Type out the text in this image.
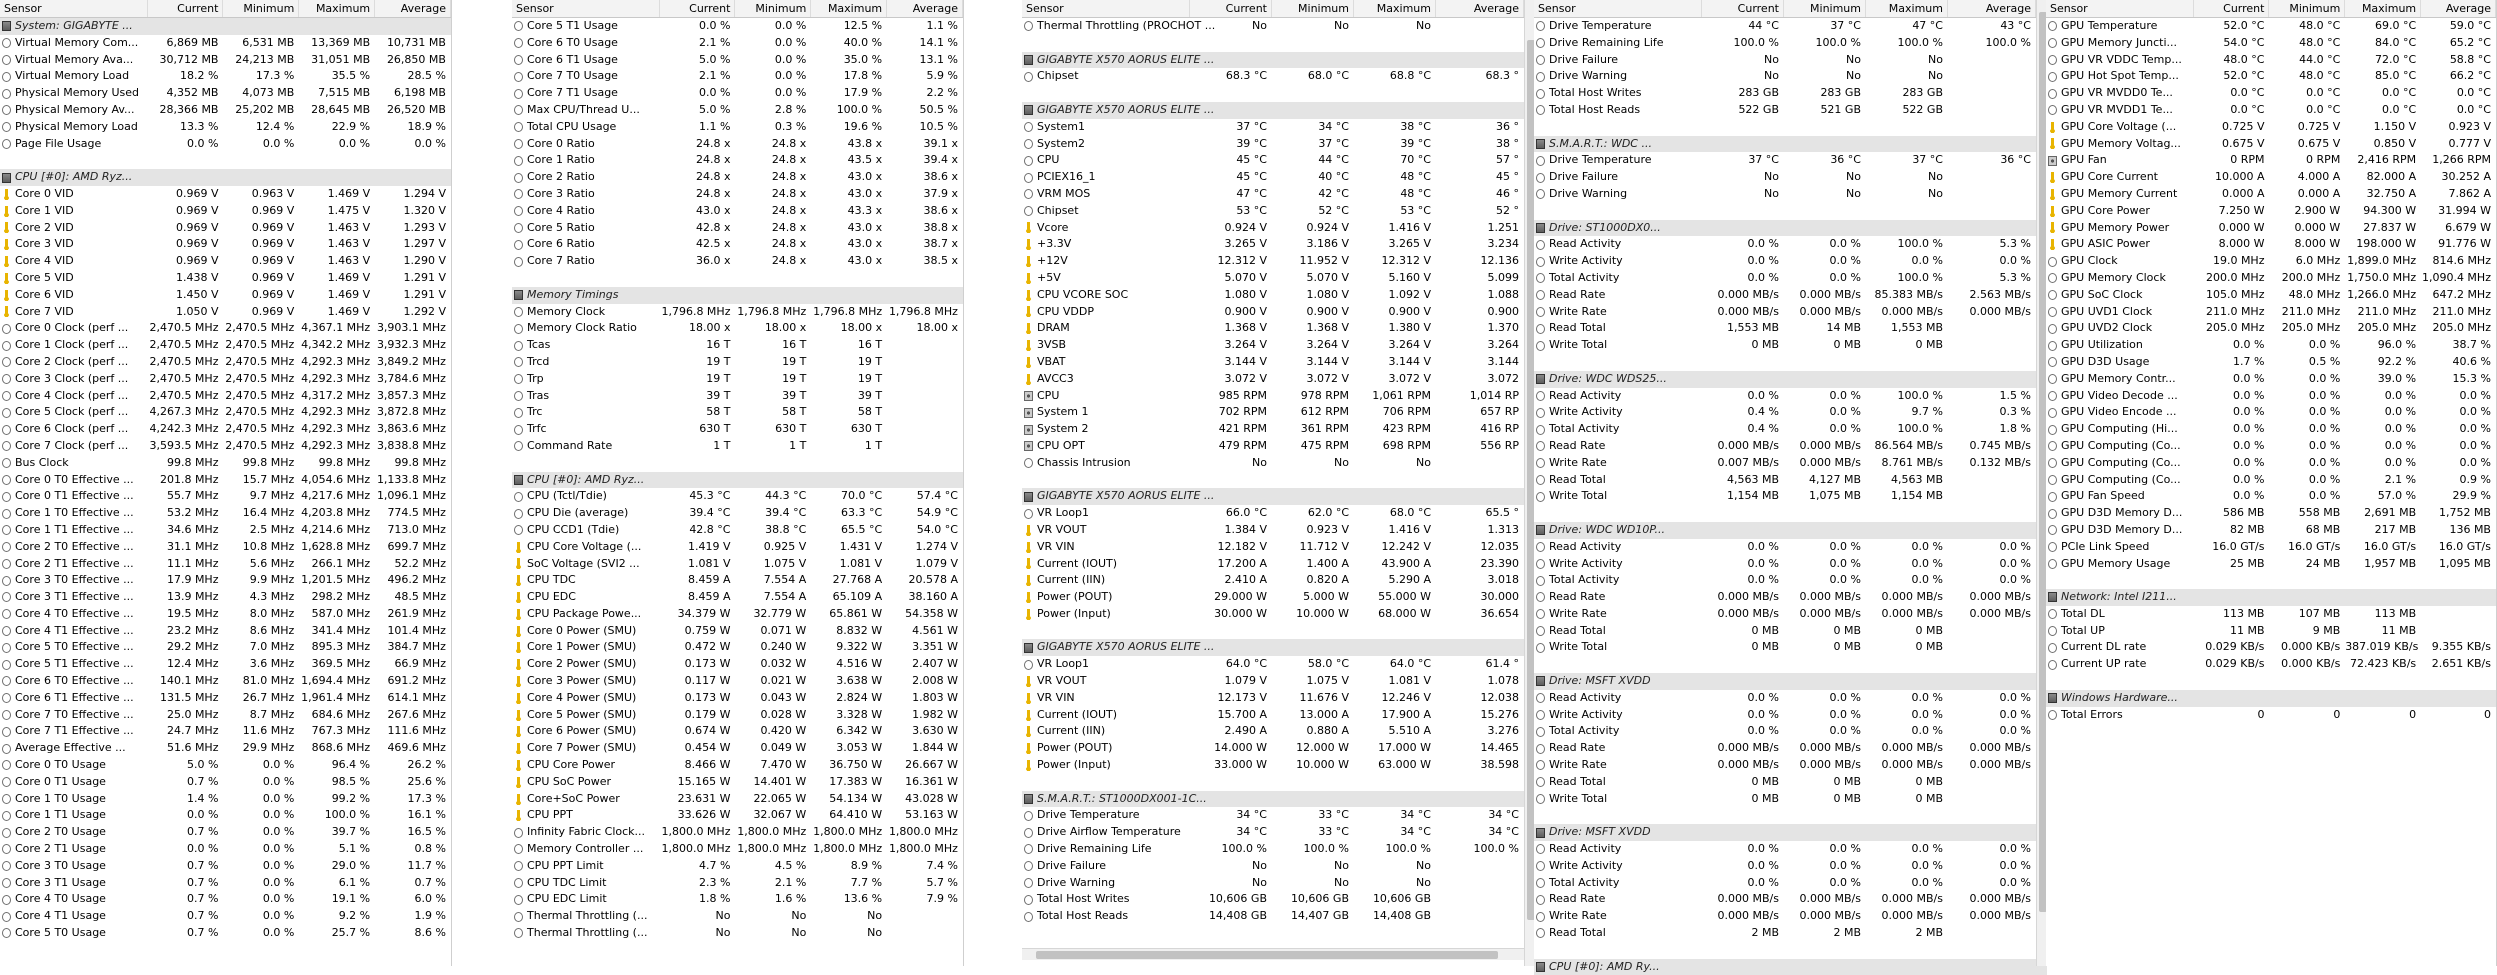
Sensor	Current	Minimum	Maximum	Average
System: GIGABYTE ...
Virtual Memory Com...	6,869 MB	6,531 MB	13,369 MB	10,731 MB
Virtual Memory Ava...	30,712 MB	24,213 MB	31,051 MB	26,850 MB
Virtual Memory Load	18.2 %	17.3 %	35.5 %	28.5 %
Physical Memory Used	4,352 MB	4,073 MB	7,515 MB	6,198 MB
Physical Memory Av...	28,366 MB	25,202 MB	28,645 MB	26,520 MB
Physical Memory Load	13.3 %	12.4 %	22.9 %	18.9 %
Page File Usage	0.0 %	0.0 %	0.0 %	0.0 %
CPU [#0]: AMD Ryz...
Core 0 VID	0.969 V	0.963 V	1.469 V	1.294 V
Core 1 VID	0.969 V	0.969 V	1.475 V	1.320 V
Core 2 VID	0.969 V	0.969 V	1.463 V	1.293 V
Core 3 VID	0.969 V	0.969 V	1.463 V	1.297 V
Core 4 VID	0.969 V	0.969 V	1.463 V	1.290 V
Core 5 VID	1.438 V	0.969 V	1.469 V	1.291 V
Core 6 VID	1.450 V	0.969 V	1.469 V	1.291 V
Core 7 VID	1.050 V	0.969 V	1.469 V	1.292 V
Core 0 Clock (perf ... 2,470.5 MHz 2,470.5 MHz 4,367.1 MHz 3,903.1 MHz
Core 1 Clock (perf ... 2,470.5 MHz 2,470.5 MHz 4,342.2 MHz 3,932.3 MHz
Core 2 Clock (perf ... 2,470.5 MHz 2,470.5 MHz 4,292.3 MHz 3,849.2 MHz
Core 3 Clock (perf ... 2,470.5 MHz 2,470.5 MHz 4,292.3 MHz 3,784.6 MHz
Core 4 Clock (perf ... 2,470.5 MHz 2,470.5 MHz 4,317.2 MHz 3,857.3 MHz
Core 5 Clock (perf ... 4,267.3 MHz 2,470.5 MHz 4,292.3 MHz 3,872.8 MHz
Core 6 Clock (perf ... 4,242.3 MHz 2,470.5 MHz 4,292.3 MHz 3,863.6 MHz
Core 7 Clock (perf ... 3,593.5 MHz 2,470.5 MHz 4,292.3 MHz 3,838.8 MHz
Bus Clock	99.8 MHz	99.8 MHz	99.8 MHz	99.8 MHz
Core 0 T0 Effective ...	201.8 MHz	15.7 MHz 4,054.6 MHz 1,133.8 MHz
Core 0 T1 Effective ...	55.7 MHz	9.7 MHz 4,217.6 MHz 1,096.1 MHz
Core 1 T0 Effective ...	53.2 MHz	16.4 MHz 4,203.8 MHz	774.5 MHz
Core 1 T1 Effective ...	34.6 MHz	2.5 MHz 4,214.6 MHz	713.0 MHz
Core 2 T0 Effective ...	31.1 MHz	10.8 MHz 1,628.8 MHz	699.7 MHz
Core 2 T1 Effective ...	11.1 MHz	5.6 MHz	266.1 MHz	52.2 MHz
Core 3 T0 Effective ...	17.9 MHz	9.9 MHz 1,201.5 MHz	496.2 MHz
Core 3 T1 Effective ...	13.9 MHz	4.3 MHz	298.2 MHz	48.5 MHz
Core 4 T0 Effective ...	19.5 MHz	8.0 MHz	587.0 MHz	261.9 MHz
Core 4 T1 Effective ...	23.2 MHz	8.6 MHz	341.4 MHz	101.4 MHz
Core 5 T0 Effective ...	29.2 MHz	7.0 MHz	895.3 MHz	384.7 MHz
Core 5 T1 Effective ...	12.4 MHz	3.6 MHz	369.5 MHz	66.9 MHz
Core 6 T0 Effective ...	140.1 MHz	81.0 MHz 1,694.4 MHz	691.2 MHz
Core 6 T1 Effective ...	131.5 MHz	26.7 MHz 1,961.4 MHz	614.1 MHz
Core 7 T0 Effective ...	25.0 MHz	8.7 MHz	684.6 MHz	267.6 MHz
Core 7 T1 Effective ...	24.7 MHz	11.6 MHz	767.3 MHz	111.6 MHz
Average Effective ...	51.6 MHz	29.9 MHz	868.6 MHz	469.6 MHz
Core 0 T0 Usage	5.0 %	0.0 %	96.4 %	26.2 %
Core 0 T1 Usage	0.7 %	0.0 %	98.5 %	25.6 %
Core 1 T0 Usage	1.4 %	0.0 %	99.2 %	17.3 %
Core 1 T1 Usage	0.0 %	0.0 %	100.0 %	16.1 %
Core 2 T0 Usage	0.7 %	0.0 %	39.7 %	16.5 %
Core 2 T1 Usage	0.0 %	0.0 %	5.1 %	0.8 %
Core 3 T0 Usage	0.7 %	0.0 %	29.0 %	11.7 %
Core 3 T1 Usage	0.7 %	0.0 %	6.1 %	0.7 %
Core 4 T0 Usage	0.7 %	0.0 %	19.1 %	6.0 %
Core 4 T1 Usage	0.7 %	0.0 %	9.2 %	1.9 %
Core 5 T0 Usage	0.7 %	0.0 %	25.7 %	8.6 %
Sensor	Current	Minimum	Maximum	Average
Core 5 T1 Usage	0.0 %	0.0 %	12.5 %	1.1 %
Core 6 T0 Usage	2.1 %	0.0 %	40.0 %	14.1 %
Core 6 T1 Usage	5.0 %	0.0 %	35.0 %	13.1 %
Core 7 T0 Usage	2.1 %	0.0 %	17.8 %	5.9 %
Core 7 T1 Usage	0.0 %	0.0 %	17.9 %	2.2 %
Max CPU/Thread U...	5.0 %	2.8 %	100.0 %	50.5 %
Total CPU Usage	1.1 %	0.3 %	19.6 %	10.5 %
Core 0 Ratio	24.8 x	24.8 x	43.8 x	39.1 x
Core 1 Ratio	24.8 x	24.8 x	43.5 x	39.4 x
Core 2 Ratio	24.8 x	24.8 x	43.0 x	38.6 x
Core 3 Ratio	24.8 x	24.8 x	43.0 x	37.9 x
Core 4 Ratio	43.0 x	24.8 x	43.3 x	38.6 x
Core 5 Ratio	42.8 x	24.8 x	43.0 x	38.8 x
Core 6 Ratio	42.5 x	24.8 x	43.0 x	38.7 x
Core 7 Ratio	36.0 x	24.8 x	43.0 x	38.5 x
Memory Timings
Memory Clock	1,796.8 MHz 1,796.8 MHz 1,796.8 MHz 1,796.8 MHz
Memory Clock Ratio	18.00 x	18.00 x	18.00 x	18.00 x
Tcas	16 T	16 T	16 T
Trcd	19 T	19 T	19 T
Trp	19 T	19 T	19 T
Tras	39 T	39 T	39 T
Trc	58 T	58 T	58 T
Trfc	630 T	630 T	630 T
Command Rate	1 T	1 T	1 T
CPU [#0]: AMD Ryz...
CPU (Tctl/Tdie)	45.3 °C	44.3 °C	70.0 °C	57.4 °C
CPU Die (average)	39.4 °C	39.4 °C	63.3 °C	54.9 °C
CPU CCD1 (Tdie)	42.8 °C	38.8 °C	65.5 °C	54.0 °C
CPU Core Voltage (...	1.419 V	0.925 V	1.431 V	1.274 V
SoC Voltage (SVI2 ...	1.081 V	1.075 V	1.081 V	1.079 V
CPU TDC	8.459 A	7.554 A	27.768 A	20.578 A
CPU EDC	8.459 A	7.554 A	65.109 A	38.160 A
CPU Package Powe...	34.379 W	32.779 W	65.861 W	54.358 W
Core 0 Power (SMU)	0.759 W	0.071 W	8.832 W	4.561 W
Core 1 Power (SMU)	0.472 W	0.240 W	9.322 W	3.351 W
Core 2 Power (SMU)	0.173 W	0.032 W	4.516 W	2.407 W
Core 3 Power (SMU)	0.117 W	0.021 W	3.638 W	2.008 W
Core 4 Power (SMU)	0.173 W	0.043 W	2.824 W	1.803 W
Core 5 Power (SMU)	0.179 W	0.028 W	3.328 W	1.982 W
Core 6 Power (SMU)	0.674 W	0.420 W	6.342 W	3.630 W
Core 7 Power (SMU)	0.454 W	0.049 W	3.053 W	1.844 W
CPU Core Power	8.466 W	7.470 W	36.750 W	26.667 W
CPU SoC Power	15.165 W	14.401 W	17.383 W	16.361 W
Core+SoC Power	23.631 W	22.065 W	54.134 W	43.028 W
CPU PPT	33.626 W	32.067 W	64.410 W	53.163 W
Infinity Fabric Clock... 1,800.0 MHz 1,800.0 MHz 1,800.0 MHz 1,800.0 MHz
Memory Controller ... 1,800.0 MHz 1,800.0 MHz 1,800.0 MHz 1,800.0 MHz
CPU PPT Limit	4.7 %	4.5 %	8.9 %	7.4 %
CPU TDC Limit	2.3 %	2.1 %	7.7 %	5.7 %
CPU EDC Limit	1.8 %	1.6 %	13.6 %	7.9 %
Thermal Throttling (...	No	No	No
Thermal Throttling (...	No	No	No
Sensor	Current	Minimum	Maximum	Average
Thermal Throttling (PROCHOT ...	No	No	No
GIGABYTE X570 AORUS ELITE ...
Chipset	68.3 °C	68.0 °C	68.8 °C	68.3 °
GIGABYTE X570 AORUS ELITE ...
System1	37 °C	34 °C	38 °C	36 °
System2	39 °C	37 °C	39 °C	38 °
CPU	45 °C	44 °C	70 °C	57 °
PCIEX16_1	45 °C	40 °C	48 °C	45 °
VRM MOS	47 °C	42 °C	48 °C	46 °
Chipset	53 °C	52 °C	53 °C	52 °
Vcore	0.924 V	0.924 V	1.416 V	1.251
+3.3V	3.265 V	3.186 V	3.265 V	3.234
+12V	12.312 V	11.952 V	12.312 V	12.136
+5V	5.070 V	5.070 V	5.160 V	5.099
CPU VCORE SOC	1.080 V	1.080 V	1.092 V	1.088
CPU VDDP	0.900 V	0.900 V	0.900 V	0.900
DRAM	1.368 V	1.368 V	1.380 V	1.370
3VSB	3.264 V	3.264 V	3.264 V	3.264
VBAT	3.144 V	3.144 V	3.144 V	3.144
AVCC3	3.072 V	3.072 V	3.072 V	3.072
CPU	985 RPM	978 RPM	1,061 RPM	1,014 RP
System 1	702 RPM	612 RPM	706 RPM	657 RP
System 2	421 RPM	361 RPM	423 RPM	416 RP
CPU OPT	479 RPM	475 RPM	698 RPM	556 RP
Chassis Intrusion	No	No	No
GIGABYTE X570 AORUS ELITE ...
VR Loop1	66.0 °C	62.0 °C	68.0 °C	65.5 °
VR VOUT	1.384 V	0.923 V	1.416 V	1.313
VR VIN	12.182 V	11.712 V	12.242 V	12.035
Current (IOUT)	17.200 A	1.400 A	43.900 A	23.390
Current (IIN)	2.410 A	0.820 A	5.290 A	3.018
Power (POUT)	29.000 W	5.000 W	55.000 W	30.000
Power (Input)	30.000 W	10.000 W	68.000 W	36.654
GIGABYTE X570 AORUS ELITE ...
VR Loop1	64.0 °C	58.0 °C	64.0 °C	61.4 °
VR VOUT	1.079 V	1.075 V	1.081 V	1.078
VR VIN	12.173 V	11.676 V	12.246 V	12.038
Current (IOUT)	15.700 A	13.000 A	17.900 A	15.276
Current (IIN)	2.490 A	0.880 A	5.510 A	3.276
Power (POUT)	14.000 W	12.000 W	17.000 W	14.465
Power (Input)	33.000 W	10.000 W	63.000 W	38.598
S.M.A.R.T.: ST1000DX001-1C...
Drive Temperature	34 °C	33 °C	34 °C	34 °C
Drive Airflow Temperature	34 °C	33 °C	34 °C	34 °C
Drive Remaining Life	100.0 %	100.0 %	100.0 %	100.0 %
Drive Failure	No	No	No
Drive Warning	No	No	No
Total Host Writes	10,606 GB	10,606 GB	10,606 GB
Total Host Reads	14,408 GB	14,407 GB	14,408 GB
Sensor	Current	Minimum	Maximum	Average
Drive Temperature	44 °C	37 °C	47 °C	43 °C
Drive Remaining Life	100.0 %	100.0 %	100.0 %	100.0 %
Drive Failure	No	No	No
Drive Warning	No	No	No
Total Host Writes	283 GB	283 GB	283 GB
Total Host Reads	522 GB	521 GB	522 GB
S.M.A.R.T.: WDC ...
Drive Temperature	37 °C	36 °C	37 °C	36 °C
Drive Failure	No	No	No
Drive Warning	No	No	No
Drive: ST1000DX0...
Read Activity	0.0 %	0.0 %	100.0 %	5.3 %
Write Activity	0.0 %	0.0 %	0.0 %	0.0 %
Total Activity	0.0 %	0.0 %	100.0 %	5.3 %
Read Rate	0.000 MB/s	0.000 MB/s	85.383 MB/s	2.563 MB/s
Write Rate	0.000 MB/s	0.000 MB/s	0.000 MB/s	0.000 MB/s
Read Total	1,553 MB	14 MB	1,553 MB
Write Total	0 MB	0 MB	0 MB
Drive: WDC WDS25...
Read Activity	0.0 %	0.0 %	100.0 %	1.5 %
Write Activity	0.4 %	0.0 %	9.7 %	0.3 %
Total Activity	0.4 %	0.0 %	100.0 %	1.8 %
Read Rate	0.000 MB/s	0.000 MB/s	86.564 MB/s	0.745 MB/s
Write Rate	0.007 MB/s	0.000 MB/s	8.761 MB/s	0.132 MB/s
Read Total	4,563 MB	4,127 MB	4,563 MB
Write Total	1,154 MB	1,075 MB	1,154 MB
Drive: WDC WD10P...
Read Activity	0.0 %	0.0 %	0.0 %	0.0 %
Write Activity	0.0 %	0.0 %	0.0 %	0.0 %
Total Activity	0.0 %	0.0 %	0.0 %	0.0 %
Read Rate	0.000 MB/s	0.000 MB/s	0.000 MB/s	0.000 MB/s
Write Rate	0.000 MB/s	0.000 MB/s	0.000 MB/s	0.000 MB/s
Read Total	0 MB	0 MB	0 MB
Write Total	0 MB	0 MB	0 MB
Drive: MSFT XVDD
Read Activity	0.0 %	0.0 %	0.0 %	0.0 %
Write Activity	0.0 %	0.0 %	0.0 %	0.0 %
Total Activity	0.0 %	0.0 %	0.0 %	0.0 %
Read Rate	0.000 MB/s	0.000 MB/s	0.000 MB/s	0.000 MB/s
Write Rate	0.000 MB/s	0.000 MB/s	0.000 MB/s	0.000 MB/s
Read Total	0 MB	0 MB	0 MB
Write Total	0 MB	0 MB	0 MB
Drive: MSFT XVDD
Read Activity	0.0 %	0.0 %	0.0 %	0.0 %
Write Activity	0.0 %	0.0 %	0.0 %	0.0 %
Total Activity	0.0 %	0.0 %	0.0 %	0.0 %
Read Rate	0.000 MB/s	0.000 MB/s	0.000 MB/s	0.000 MB/s
Write Rate	0.000 MB/s	0.000 MB/s	0.000 MB/s	0.000 MB/s
Read Total	2 MB	2 MB	2 MB
CPU [#0]: AMD Ry...
Sensor	Current	Minimum	Maximum	Average
GPU Temperature	52.0 °C	48.0 °C	69.0 °C	59.0 °C
GPU Memory Juncti...	54.0 °C	48.0 °C	84.0 °C	65.2 °C
GPU VR VDDC Temp...	48.0 °C	44.0 °C	72.0 °C	58.8 °C
GPU Hot Spot Temp...	52.0 °C	48.0 °C	85.0 °C	66.2 °C
GPU VR MVDD0 Te...	0.0 °C	0.0 °C	0.0 °C	0.0 °C
GPU VR MVDD1 Te...	0.0 °C	0.0 °C	0.0 °C	0.0 °C
GPU Core Voltage (...	0.725 V	0.725 V	1.150 V	0.923 V
GPU Memory Voltag...	0.675 V	0.675 V	0.850 V	0.777 V
GPU Fan	0 RPM	0 RPM	2,416 RPM	1,266 RPM
GPU Core Current	10.000 A	4.000 A	82.000 A	30.252 A
GPU Memory Current	0.000 A	0.000 A	32.750 A	7.862 A
GPU Core Power	7.250 W	2.900 W	94.300 W	31.994 W
GPU Memory Power	0.000 W	0.000 W	27.837 W	6.679 W
GPU ASIC Power	8.000 W	8.000 W	198.000 W	91.776 W
GPU Clock	19.0 MHz	6.0 MHz 1,899.0 MHz	814.6 MHz
GPU Memory Clock	200.0 MHz	200.0 MHz 1,750.0 MHz 1,090.4 MHz
GPU SoC Clock	105.0 MHz	48.0 MHz 1,266.0 MHz	647.2 MHz
GPU UVD1 Clock	211.0 MHz	211.0 MHz	211.0 MHz	211.0 MHz
GPU UVD2 Clock	205.0 MHz	205.0 MHz	205.0 MHz	205.0 MHz
GPU Utilization	0.0 %	0.0 %	96.0 %	38.7 %
GPU D3D Usage	1.7 %	0.5 %	92.2 %	40.6 %
GPU Memory Contr...	0.0 %	0.0 %	39.0 %	15.3 %
GPU Video Decode ...	0.0 %	0.0 %	0.0 %	0.0 %
GPU Video Encode ...	0.0 %	0.0 %	0.0 %	0.0 %
GPU Computing (Hi...	0.0 %	0.0 %	0.0 %	0.0 %
GPU Computing (Co...	0.0 %	0.0 %	0.0 %	0.0 %
GPU Computing (Co...	0.0 %	0.0 %	0.0 %	0.0 %
GPU Computing (Co...	0.0 %	0.0 %	2.1 %	0.9 %
GPU Fan Speed	0.0 %	0.0 %	57.0 %	29.9 %
GPU D3D Memory D...	586 MB	558 MB	2,691 MB	1,752 MB
GPU D3D Memory D...	82 MB	68 MB	217 MB	136 MB
PCIe Link Speed	16.0 GT/s	16.0 GT/s	16.0 GT/s	16.0 GT/s
GPU Memory Usage	25 MB	24 MB	1,957 MB	1,095 MB
Network: Intel I211...
Total DL	113 MB	107 MB	113 MB
Total UP	11 MB	9 MB	11 MB
Current DL rate	0.029 KB/s	0.000 KB/s 387.019 KB/s	9.355 KB/s
Current UP rate	0.029 KB/s	0.000 KB/s 72.423 KB/s	2.651 KB/s
Windows Hardware...
Total Errors	0	0	0	0
